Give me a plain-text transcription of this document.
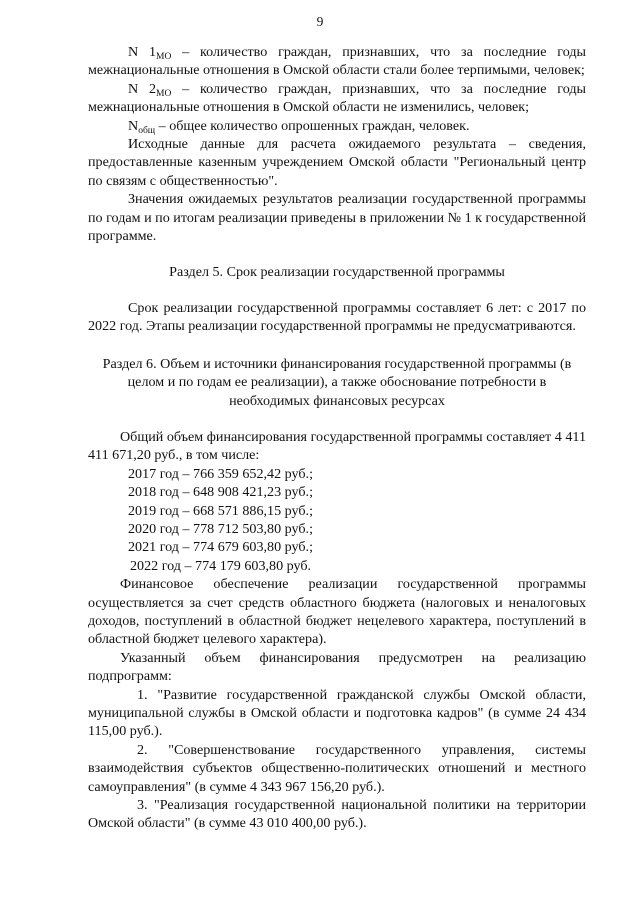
9

N $1_{МО}$ – количество граждан, признавших, что за последние годы межнациональные отношения в Омской области стали более терпимыми, человек;

N $2_{МО}$ – количество граждан, признавших, что за последние годы межнациональные отношения в Омской области не изменились, человек;

$N_{общ}$ – общее количество опрошенных граждан, человек.

Исходные данные для расчета ожидаемого результата – сведения, предоставленные казенным учреждением Омской области "Региональный центр по связям с общественностью".

Значения ожидаемых результатов реализации государственной программы по годам и по итогам реализации приведены в приложении № 1 к государственной программе.

Раздел 5. Срок реализации государственной программы

Срок реализации государственной программы составляет 6 лет: с 2017 по 2022 год. Этапы реализации государственной программы не предусматриваются.

Раздел 6. Объем и источники финансирования государственной программы (в целом и по годам ее реализации), а также обоснование потребности в необходимых финансовых ресурсах

Общий объем финансирования государственной программы составляет 4 411 411 671,20 руб., в том числе:

2017 год – 766 359 652,42 руб.;

2018 год – 648 908 421,23 руб.;

2019 год – 668 571 886,15 руб.;

2020 год – 778 712 503,80 руб.;

2021 год – 774 679 603,80 руб.;

2022 год – 774 179 603,80 руб.

Финансовое обеспечение реализации государственной программы осуществляется за счет средств областного бюджета (налоговых и неналоговых доходов, поступлений в областной бюджет нецелевого характера, поступлений в областной бюджет целевого характера).

Указанный объем финансирования предусмотрен на реализацию подпрограмм:

1. "Развитие государственной гражданской службы Омской области, муниципальной службы в Омской области и подготовка кадров" (в сумме 24 434 115,00 руб.).

2. "Совершенствование государственного управления, системы взаимодействия субъектов общественно-политических отношений и местного самоуправления" (в сумме 4 343 967 156,20 руб.).

3. "Реализация государственной национальной политики на территории Омской области" (в сумме 43 010 400,00 руб.).
